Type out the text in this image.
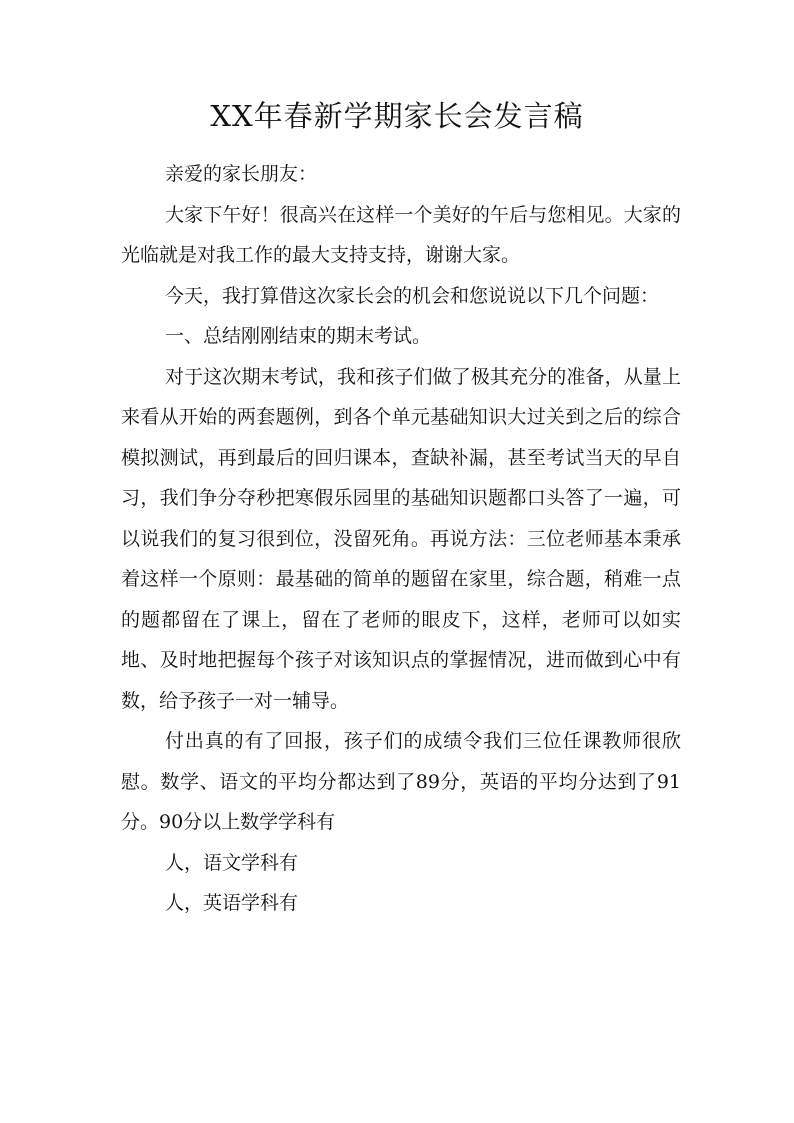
XX年春新学期家长会发言稿

亲爱的家长朋友：

大家下午好！很高兴在这样一个美好的午后与您相见。大家的光临就是对我工作的最大支持支持，谢谢大家。

今天，我打算借这次家长会的机会和您说说以下几个问题：

一、总结刚刚结束的期末考试。

对于这次期末考试，我和孩子们做了极其充分的准备，从量上来看从开始的两套题例，到各个单元基础知识大过关到之后的综合模拟测试，再到最后的回归课本，查缺补漏，甚至考试当天的早自习，我们争分夺秒把寒假乐园里的基础知识题都口头答了一遍，可以说我们的复习很到位，没留死角。再说方法：三位老师基本秉承着这样一个原则：最基础的简单的题留在家里，综合题，稍难一点的题都留在了课上，留在了老师的眼皮下，这样，老师可以如实地、及时地把握每个孩子对该知识点的掌握情况，进而做到心中有数，给予孩子一对一辅导。

付出真的有了回报，孩子们的成绩令我们三位任课教师很欣慰。数学、语文的平均分都达到了89分，英语的平均分达到了91分。90分以上数学学科有

人，语文学科有

人，英语学科有
